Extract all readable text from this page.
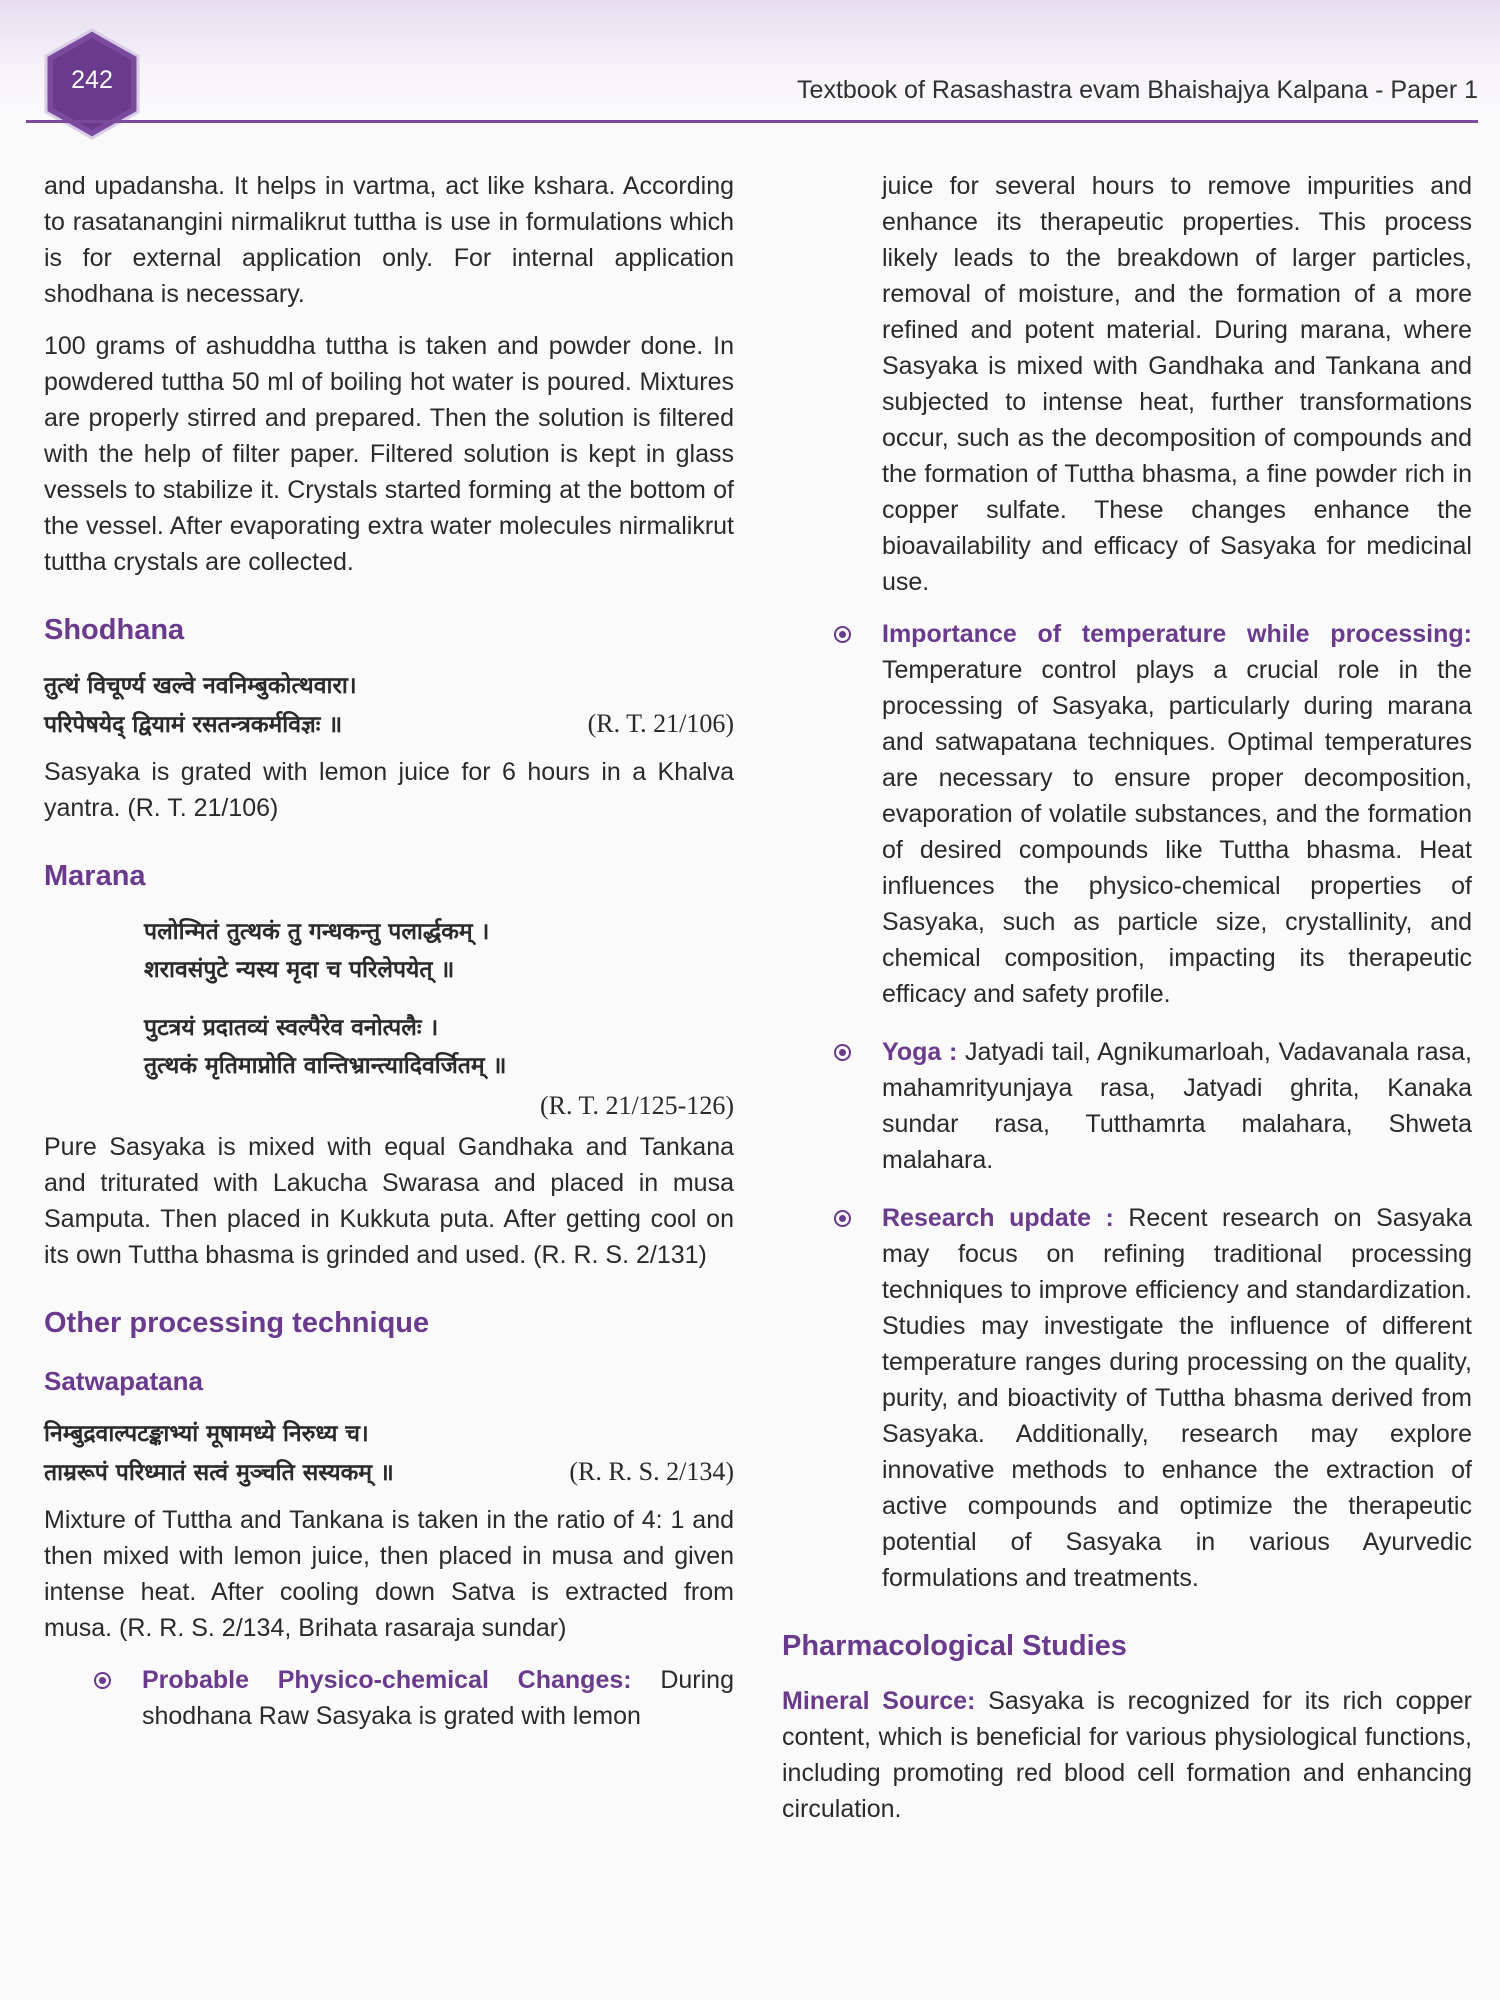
242	Textbook of Rasashastra evam Bhaishajya Kalpana - Paper 1

and upadansha. It helps in vartma, act like kshara. According to rasatanangini nirmalikrut tuttha is use in formulations which is for external application only. For internal application shodhana is necessary.

100 grams of ashuddha tuttha is taken and powder done. In powdered tuttha 50 ml of boiling hot water is poured. Mixtures are properly stirred and prepared. Then the solution is filtered with the help of filter paper. Filtered solution is kept in glass vessels to stabilize it. Crystals started forming at the bottom of the vessel. After evaporating extra water molecules nirmalikrut tuttha crystals are collected.

Shodhana
तुत्थं विचूर्ण्य खल्वे नवनिम्बुकोत्थवारा।
परिपेषयेद् द्वियामं रसतन्त्रकर्मविज्ञः ॥	(R. T. 21/106)

Sasyaka is grated with lemon juice for 6 hours in a Khalva yantra. (R. T. 21/106)

Marana
पलोन्मितं तुत्थकं तु गन्धकन्तु पलार्द्धकम् ।
शरावसंपुटे न्यस्य मृदा च परिलेपयेत् ॥
पुटत्रयं प्रदातव्यं स्वल्पैरेव वनोत्पलैः ।
तुत्थकं मृतिमाप्नोति वान्तिभ्रान्त्यादिवर्जितम् ॥
(R. T. 21/125-126)

Pure Sasyaka is mixed with equal Gandhaka and Tankana and triturated with Lakucha Swarasa and placed in musa Samputa. Then placed in Kukkuta puta. After getting cool on its own Tuttha bhasma is grinded and used. (R. R. S. 2/131)

Other processing technique
Satwapatana
निम्बुद्रवाल्पटङ्काभ्यां मूषामध्ये निरुध्य च।
ताम्ररूपं परिध्मातं सत्वं मुञ्चति सस्यकम् ॥	(R. R. S. 2/134)

Mixture of Tuttha and Tankana is taken in the ratio of 4: 1 and then mixed with lemon juice, then placed in musa and given intense heat. After cooling down Satva is extracted from musa. (R. R. S. 2/134, Brihata rasaraja sundar)

Probable Physico-chemical Changes: During shodhana Raw Sasyaka is grated with lemon

juice for several hours to remove impurities and enhance its therapeutic properties. This process likely leads to the breakdown of larger particles, removal of moisture, and the formation of a more refined and potent material. During marana, where Sasyaka is mixed with Gandhaka and Tankana and subjected to intense heat, further transformations occur, such as the decomposition of compounds and the formation of Tuttha bhasma, a fine powder rich in copper sulfate. These changes enhance the bioavailability and efficacy of Sasyaka for medicinal use.

Importance of temperature while processing: Temperature control plays a crucial role in the processing of Sasyaka, particularly during marana and satwapatana techniques. Optimal temperatures are necessary to ensure proper decomposition, evaporation of volatile substances, and the formation of desired compounds like Tuttha bhasma. Heat influences the physico-chemical properties of Sasyaka, such as particle size, crystallinity, and chemical composition, impacting its therapeutic efficacy and safety profile.
Yoga : Jatyadi tail, Agnikumarloah, Vadavanala rasa, mahamrityunjaya rasa, Jatyadi ghrita, Kanaka sundar rasa, Tutthamrta malahara, Shweta malahara.
Research update : Recent research on Sasyaka may focus on refining traditional processing techniques to improve efficiency and standardization. Studies may investigate the influence of different temperature ranges during processing on the quality, purity, and bioactivity of Tuttha bhasma derived from Sasyaka. Additionally, research may explore innovative methods to enhance the extraction of active compounds and optimize the therapeutic potential of Sasyaka in various Ayurvedic formulations and treatments.
Pharmacological Studies

Mineral Source: Sasyaka is recognized for its rich copper content, which is beneficial for various physiological functions, including promoting red blood cell formation and enhancing circulation.
